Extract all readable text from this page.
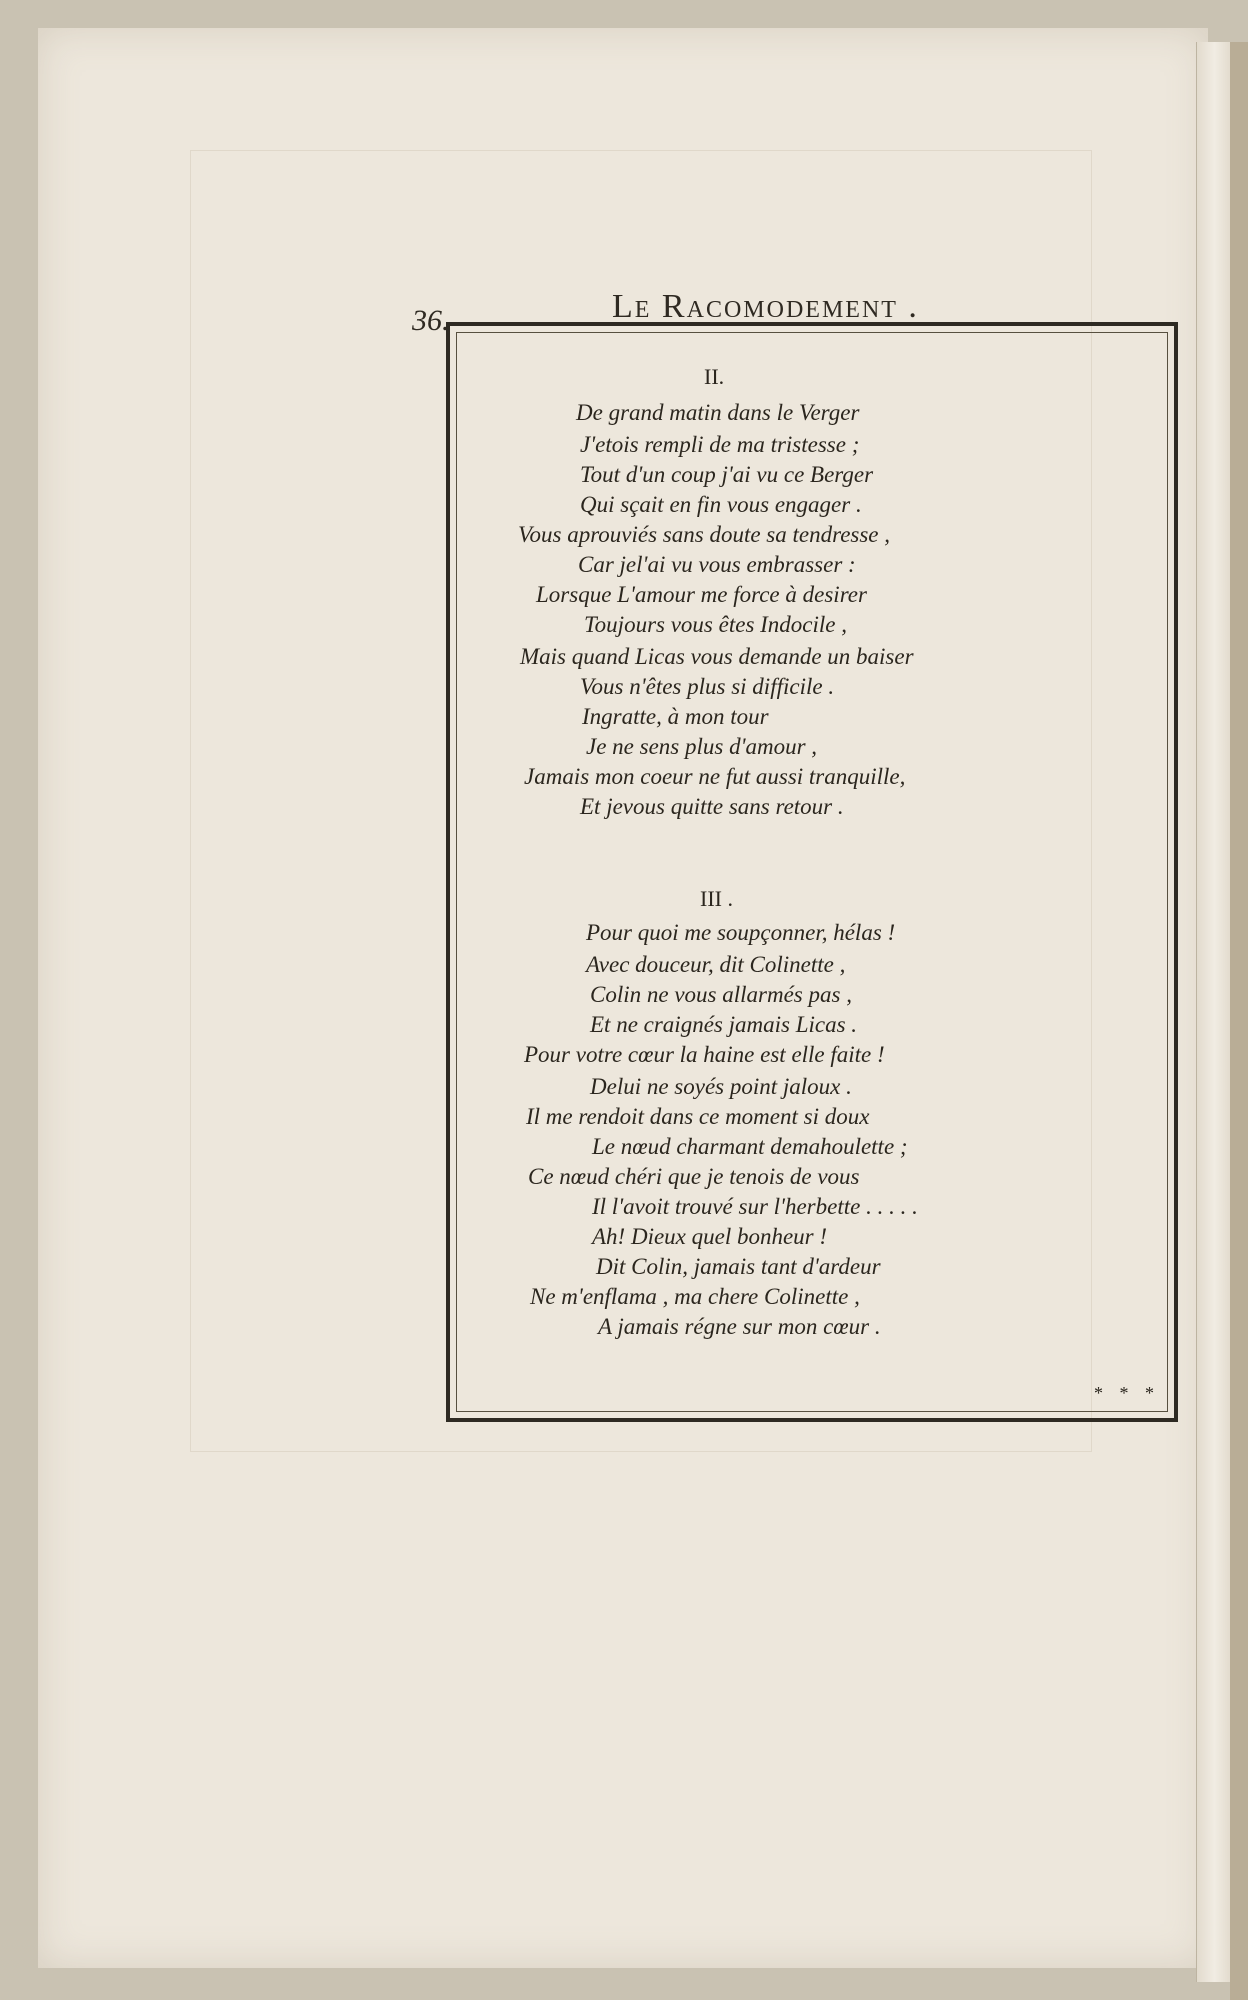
36.	Le Racomodement .
II.
De grand matin dans le Verger
J'etois rempli de ma tristesse ;
Tout d'un coup j'ai vu ce Berger
Qui sçait en fin vous engager .
Vous aprouviés sans doute sa tendresse ,
Car jel'ai vu vous embrasser :
Lorsque L'amour me force à desirer
Toujours vous êtes Indocile ,
Mais quand Licas vous demande un baiser
Vous n'êtes plus si difficile .
Ingratte, à mon tour
Je ne sens plus d'amour ,
Jamais mon coeur ne fut aussi tranquille,
Et jevous quitte sans retour .
III .
Pour quoi me soupçonner, hélas !
Avec douceur, dit Colinette ,
Colin ne vous allarmés pas ,
Et ne craignés jamais Licas .
Pour votre cœur la haine est elle faite !
Delui ne soyés point jaloux .
Il me rendoit dans ce moment si doux
Le nœud charmant demahoulette ;
Ce nœud chéri que je tenois de vous
Il l'avoit trouvé sur l'herbette . . . . .
Ah! Dieux quel bonheur !
Dit Colin, jamais tant d'ardeur
Ne m'enflama , ma chere Colinette ,
A jamais régne sur mon cœur .
* * *
